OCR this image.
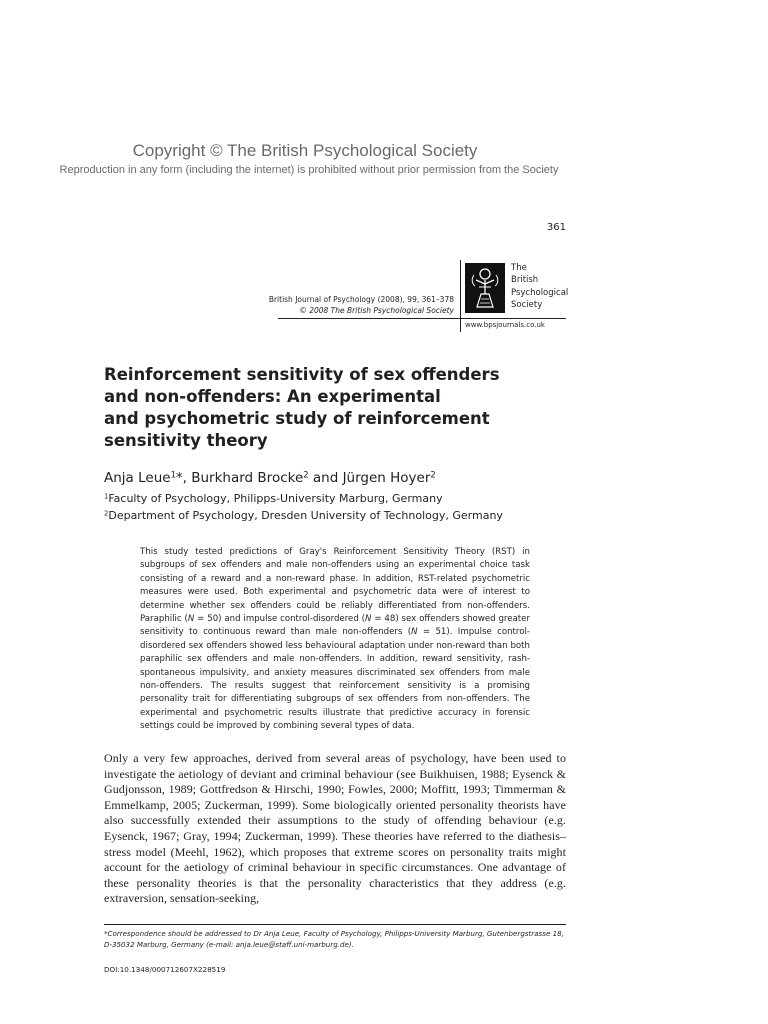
Copyright © The British Psychological Society
Reproduction in any form (including the internet) is prohibited without prior permission from the Society
361
British Journal of Psychology (2008), 99, 361–378
© 2008 The British Psychological Society
The
British
Psychological
Society
www.bpsjournals.co.uk
Reinforcement sensitivity of sex offenders
and non-offenders: An experimental
and psychometric study of reinforcement
sensitivity theory
Anja Leue$^1$*, Burkhard Brocke$^2$ and Jürgen Hoyer$^2$
$^1$Faculty of Psychology, Philipps-University Marburg, Germany
$^2$Department of Psychology, Dresden University of Technology, Germany

This study tested predictions of Gray's Reinforcement Sensitivity Theory (RST) in subgroups of sex offenders and male non-offenders using an experimental choice task consisting of a reward and a non-reward phase. In addition, RST-related psychometric measures were used. Both experimental and psychometric data were of interest to determine whether sex offenders could be reliably differentiated from non-offenders. Paraphilic (N = 50) and impulse control-disordered (N = 48) sex offenders showed greater sensitivity to continuous reward than male non-offenders (N = 51). Impulse control-disordered sex offenders showed less behavioural adaptation under non-reward than both paraphilic sex offenders and male non-offenders. In addition, reward sensitivity, rash-spontaneous impulsivity, and anxiety measures discriminated sex offenders from male non-offenders. The results suggest that reinforcement sensitivity is a promising personality trait for differentiating subgroups of sex offenders from non-offenders. The experimental and psychometric results illustrate that predictive accuracy in forensic settings could be improved by combining several types of data.

Only a very few approaches, derived from several areas of psychology, have been used to investigate the aetiology of deviant and criminal behaviour (see Buikhuisen, 1988; Eysenck & Gudjonsson, 1989; Gottfredson & Hirschi, 1990; Fowles, 2000; Moffitt, 1993; Timmerman & Emmelkamp, 2005; Zuckerman, 1999). Some biologically oriented personality theorists have also successfully extended their assumptions to the study of offending behaviour (e.g. Eysenck, 1967; Gray, 1994; Zuckerman, 1999). These theories have referred to the diathesis–stress model (Meehl, 1962), which proposes that extreme scores on personality traits might account for the aetiology of criminal behaviour in specific circumstances. One advantage of these personality theories is that the personality characteristics that they address (e.g. extraversion, sensation-seeking,

*Correspondence should be addressed to Dr Anja Leue, Faculty of Psychology, Philipps-University Marburg, Gutenbergstrasse 18, D-35032 Marburg, Germany (e-mail: anja.leue@staff.uni-marburg.de).

DOI:10.1348/000712607X228519
